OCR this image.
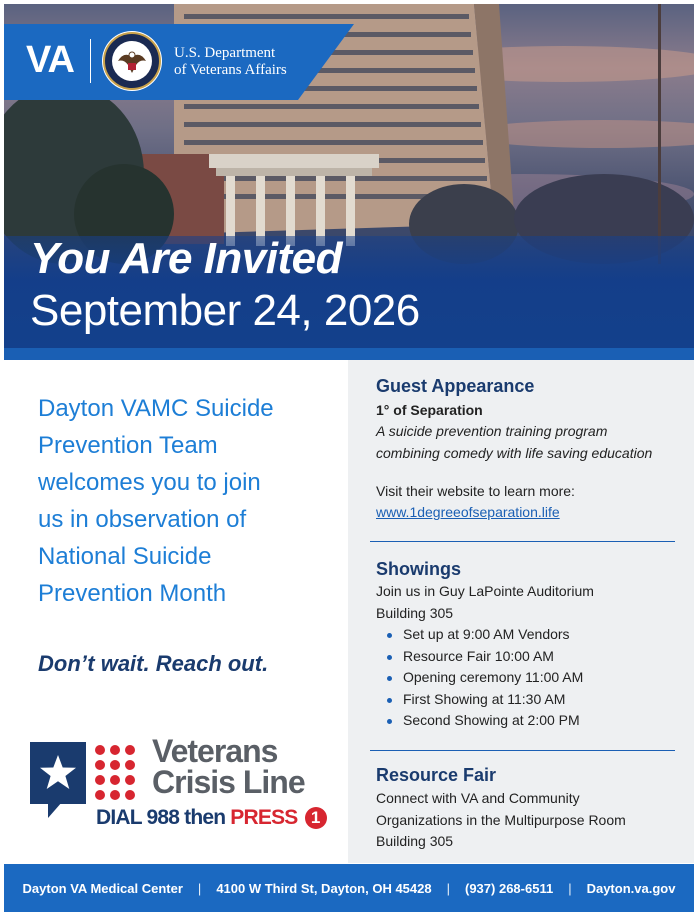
VA	U.S. Department
of Veterans Affairs
You Are Invited
September 24, 2026
Dayton VAMC Suicide
Prevention Team
welcomes you to join
us in observation of
National Suicide
Prevention Month
Don’t wait. Reach out.
Veterans
Crisis Line
DIAL 988 then PRESS 1
Guest Appearance
1° of Separation
A suicide prevention training program
combining comedy with life saving education
Visit their website to learn more:
www.1degreeofseparation.life
Showings
Join us in Guy LaPointe Auditorium
Building 305
Set up at 9:00 AM Vendors
Resource Fair 10:00 AM
Opening ceremony 11:00 AM
First Showing at 11:30 AM
Second Showing at 2:00 PM
Resource Fair
Connect with VA and Community
Organizations in the Multipurpose Room
Building 305
Dayton VA Medical Center | 4100 W Third St, Dayton, OH 45428 | (937) 268-6511 | Dayton.va.gov
